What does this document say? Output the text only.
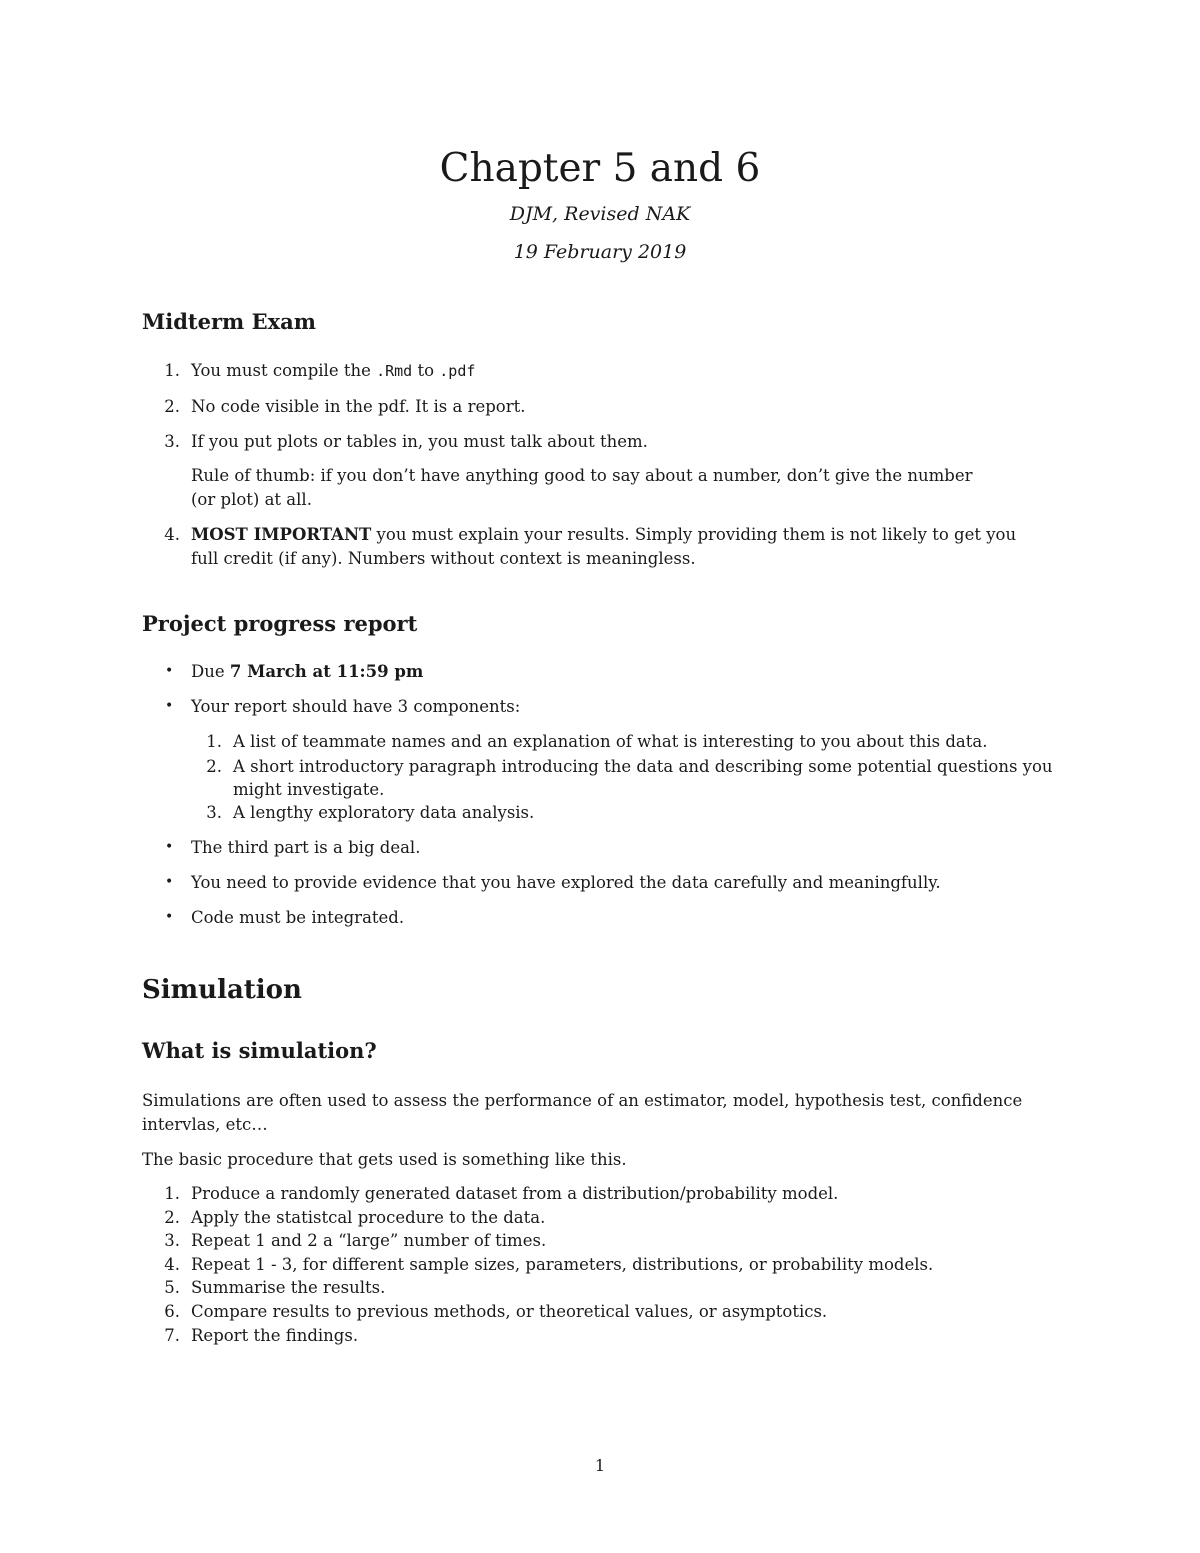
Chapter 5 and 6
DJM, Revised NAK
19 February 2019
Midterm Exam
1. You must compile the .Rmd to .pdf
2. No code visible in the pdf. It is a report.
3. If you put plots or tables in, you must talk about them.
Rule of thumb: if you don’t have anything good to say about a number, don’t give the number
(or plot) at all.
4. MOST IMPORTANT you must explain your results. Simply providing them is not likely to get you
full credit (if any). Numbers without context is meaningless.
Project progress report
• Due 7 March at 11:59 pm
• Your report should have 3 components:
1. A list of teammate names and an explanation of what is interesting to you about this data.
2. A short introductory paragraph introducing the data and describing some potential questions you
might investigate.
3. A lengthy exploratory data analysis.
• The third part is a big deal.
• You need to provide evidence that you have explored the data carefully and meaningfully.
• Code must be integrated.
Simulation
What is simulation?
Simulations are often used to assess the performance of an estimator, model, hypothesis test, confidence
intervlas, etc…
The basic procedure that gets used is something like this.
1. Produce a randomly generated dataset from a distribution/probability model.
2. Apply the statistcal procedure to the data.
3. Repeat 1 and 2 a “large” number of times.
4. Repeat 1 - 3, for different sample sizes, parameters, distributions, or probability models.
5. Summarise the results.
6. Compare results to previous methods, or theoretical values, or asymptotics.
7. Report the findings.
1
